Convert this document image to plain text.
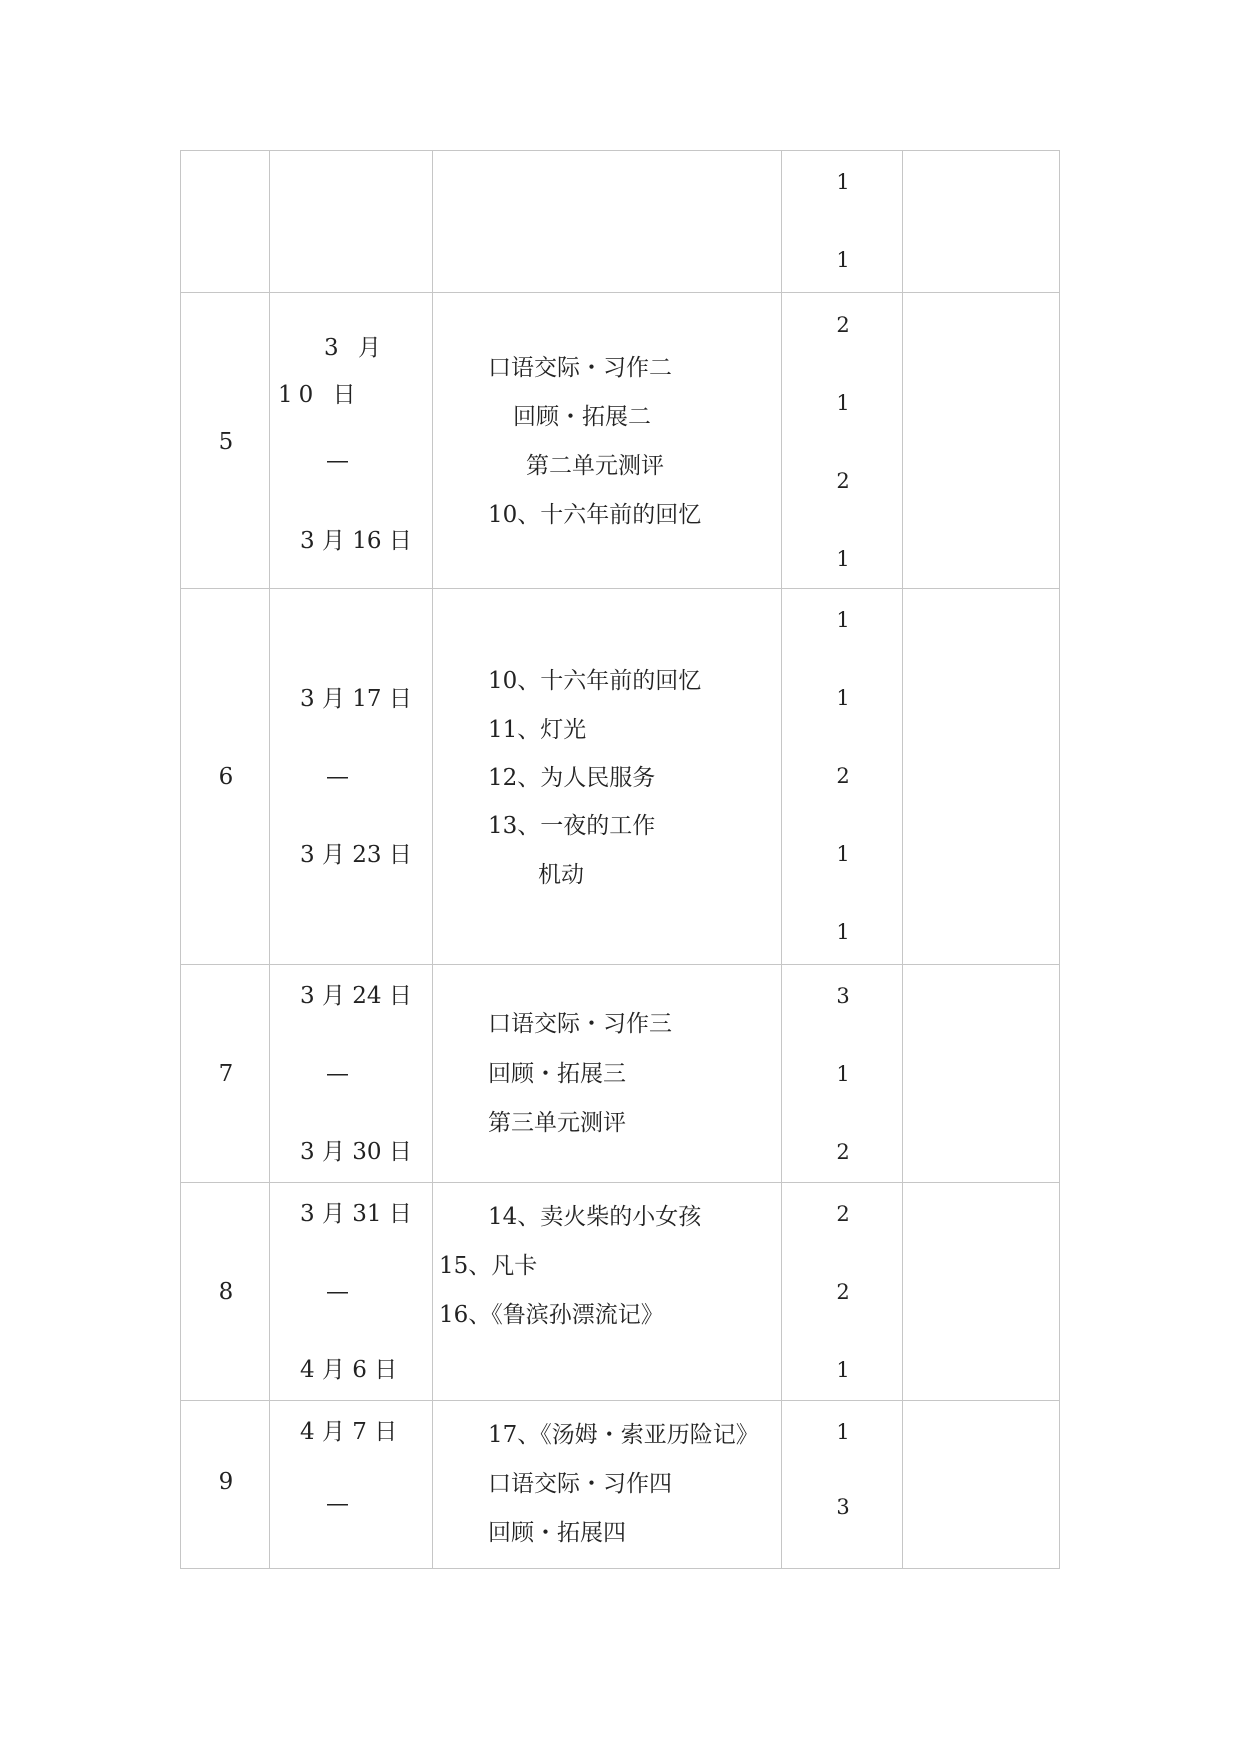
1
1
5
3 月 10 日
—
3 月 16 日
口语交际・习作二
回顾・拓展二
第二单元测评
10、十六年前的回忆
2
1
2
1
6
3 月 17 日
—
3 月 23 日
10、十六年前的回忆
11、灯光
12、为人民服务
13、一夜的工作
机动
1
1
2
1
1
7
3 月 24 日
—
3 月 30 日
口语交际・习作三
回顾・拓展三
第三单元测评
3
1
2
8
3 月 31 日
—
4 月 6 日
14、卖火柴的小女孩
15、凡卡
16、《鲁滨孙漂流记》
2
2
1
9
4 月 7 日
—
17、《汤姆・索亚历险记》
口语交际・习作四
回顾・拓展四
1
3
